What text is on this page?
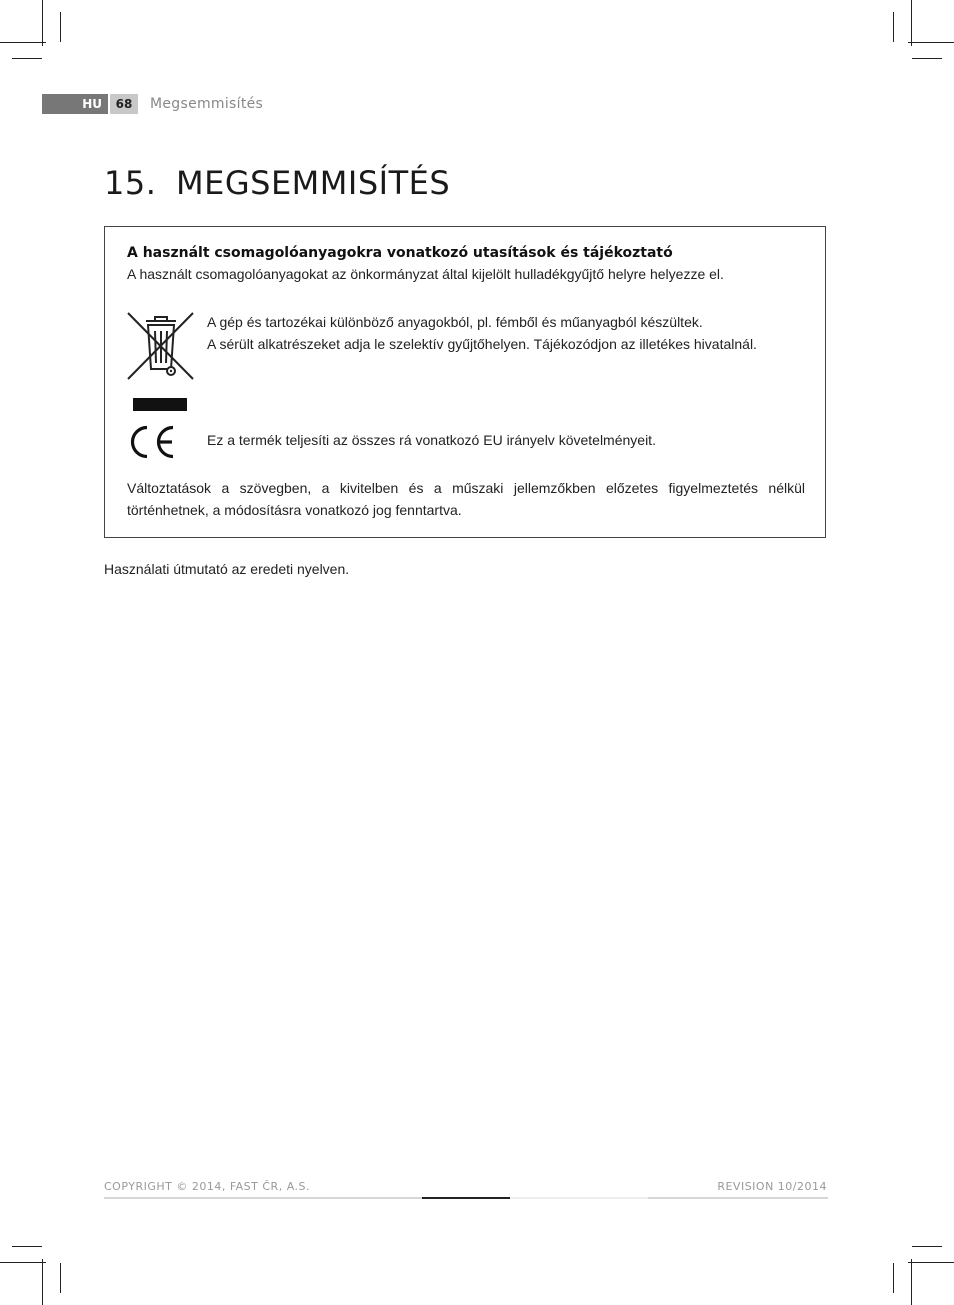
HU	68	Megsemmisítés
15. MEGSEMMISÍTÉS
A használt csomagolóanyagokra vonatkozó utasítások és tájékoztató
A használt csomagolóanyagokat az önkormányzat által kijelölt hulladékgyűjtő helyre helyezze el.
A gép és tartozékai különböző anyagokból, pl. fémből és műanyagból készültek.
A sérült alkatrészeket adja le szelektív gyűjtőhelyen. Tájékozódjon az illetékes hivatalnál.
Ez a termék teljesíti az összes rá vonatkozó EU irányelv követelményeit.
Változtatások a szövegben, a kivitelben és a műszaki jellemzőkben előzetes figyelmeztetés nélkül történhetnek, a módosításra vonatkozó jog fenntartva.
Használati útmutató az eredeti nyelven.
COPYRIGHT © 2014, FAST ČR, A.S.	REVISION 10/2014
